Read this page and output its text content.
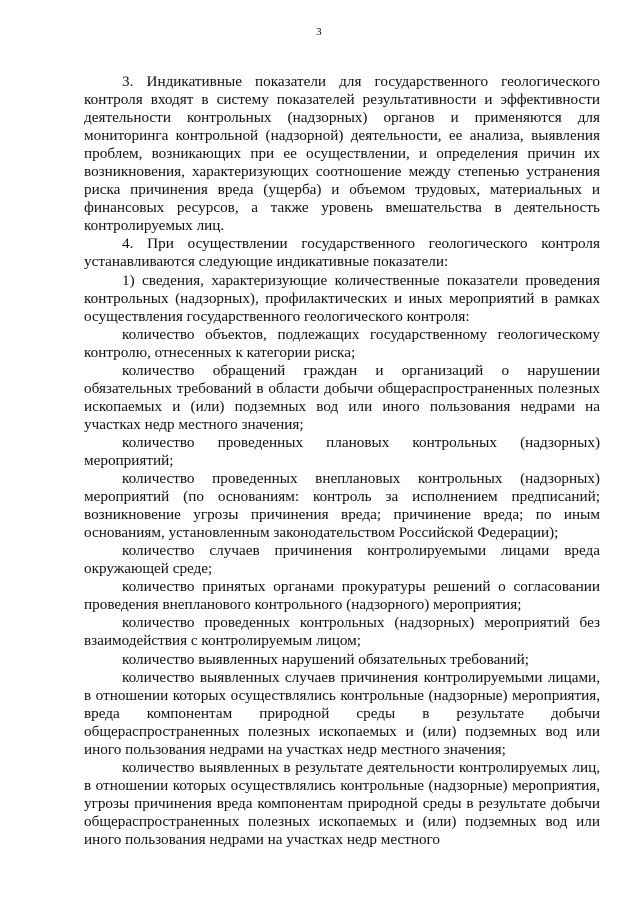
3

3. Индикативные показатели для государственного геологического контроля входят в систему показателей результативности и эффективности деятельности контрольных (надзорных) органов и применяются для мониторинга контрольной (надзорной) деятельности, ее анализа, выявления проблем, возникающих при ее осуществлении, и определения причин их возникновения, характеризующих соотношение между степенью устранения риска причинения вреда (ущерба) и объемом трудовых, материальных и финансовых ресурсов, а также уровень вмешательства в деятельность контролируемых лиц.

4. При осуществлении государственного геологического контроля устанавливаются следующие индикативные показатели:

1) сведения, характеризующие количественные показатели проведения контрольных (надзорных), профилактических и иных мероприятий в рамках осуществления государственного геологического контроля:

количество объектов, подлежащих государственному геологическому контролю, отнесенных к категории риска;

количество обращений граждан и организаций о нарушении обязательных требований в области добычи общераспространенных полезных ископаемых и (или) подземных вод или иного пользования недрами на участках недр местного значения;

количество проведенных плановых контрольных (надзорных) мероприятий;

количество проведенных внеплановых контрольных (надзорных) мероприятий (по основаниям: контроль за исполнением предписаний; возникновение угрозы причинения вреда; причинение вреда; по иным основаниям, установленным законодательством Российской Федерации);

количество случаев причинения контролируемыми лицами вреда окружающей среде;

количество принятых органами прокуратуры решений о согласовании проведения внепланового контрольного (надзорного) мероприятия;

количество проведенных контрольных (надзорных) мероприятий без взаимодействия с контролируемым лицом;

количество выявленных нарушений обязательных требований;

количество выявленных случаев причинения контролируемыми лицами, в отношении которых осуществлялись контрольные (надзорные) мероприятия, вреда компонентам природной среды в результате добычи общераспространенных полезных ископаемых и (или) подземных вод или иного пользования недрами на участках недр местного значения;

количество выявленных в результате деятельности контролируемых лиц, в отношении которых осуществлялись контрольные (надзорные) мероприятия, угрозы причинения вреда компонентам природной среды в результате добычи общераспространенных полезных ископаемых и (или) подземных вод или иного пользования недрами на участках недр местного
